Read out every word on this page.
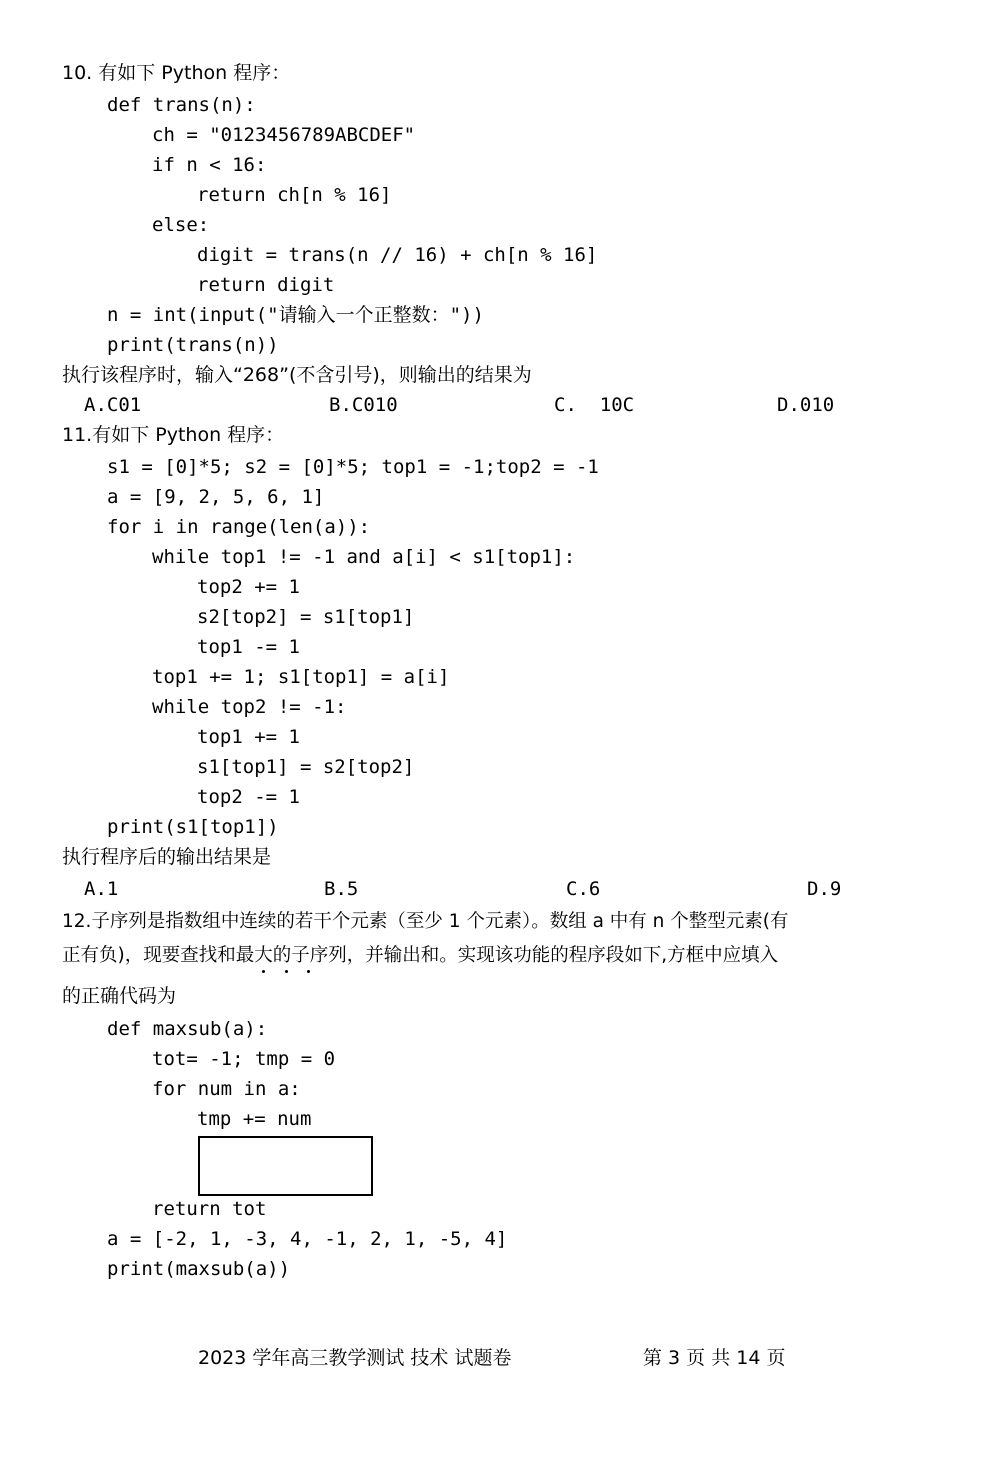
10. 有如下 Python 程序：
def trans(n):
ch = "0123456789ABCDEF"
if n < 16:
return ch[n % 16]
else:
digit = trans(n // 16) + ch[n % 16]
return digit
n = int(input("请输入一个正整数："))
print(trans(n))
执行该程序时，输入“268”(不含引号)，则输出的结果为
A.C01	B.C010	C.  10C	D.010
11.有如下 Python 程序：
s1 = [0]*5; s2 = [0]*5; top1 = -1;top2 = -1
a = [9, 2, 5, 6, 1]
for i in range(len(a)):
while top1 != -1 and a[i] < s1[top1]:
top2 += 1
s2[top2] = s1[top1]
top1 -= 1
top1 += 1; s1[top1] = a[i]
while top2 != -1:
top1 += 1
s1[top1] = s2[top2]
top2 -= 1
print(s1[top1])
执行程序后的输出结果是
A.1	B.5	C.6	D.9
12.子序列是指数组中连续的若干个元素（至少 1 个元素）。数组 a 中有 n 个整型元素(有
正有负)，现要查找和最大的子序列，并输出和。实现该功能的程序段如下,方框中应填入
的正确代码为
def maxsub(a):
tot= -1; tmp = 0
for num in a:
tmp += num
return tot
a = [-2, 1, -3, 4, -1, 2, 1, -5, 4]
print(maxsub(a))
2023 学年高三教学测试 技术 试题卷	第 3 页 共 14 页
